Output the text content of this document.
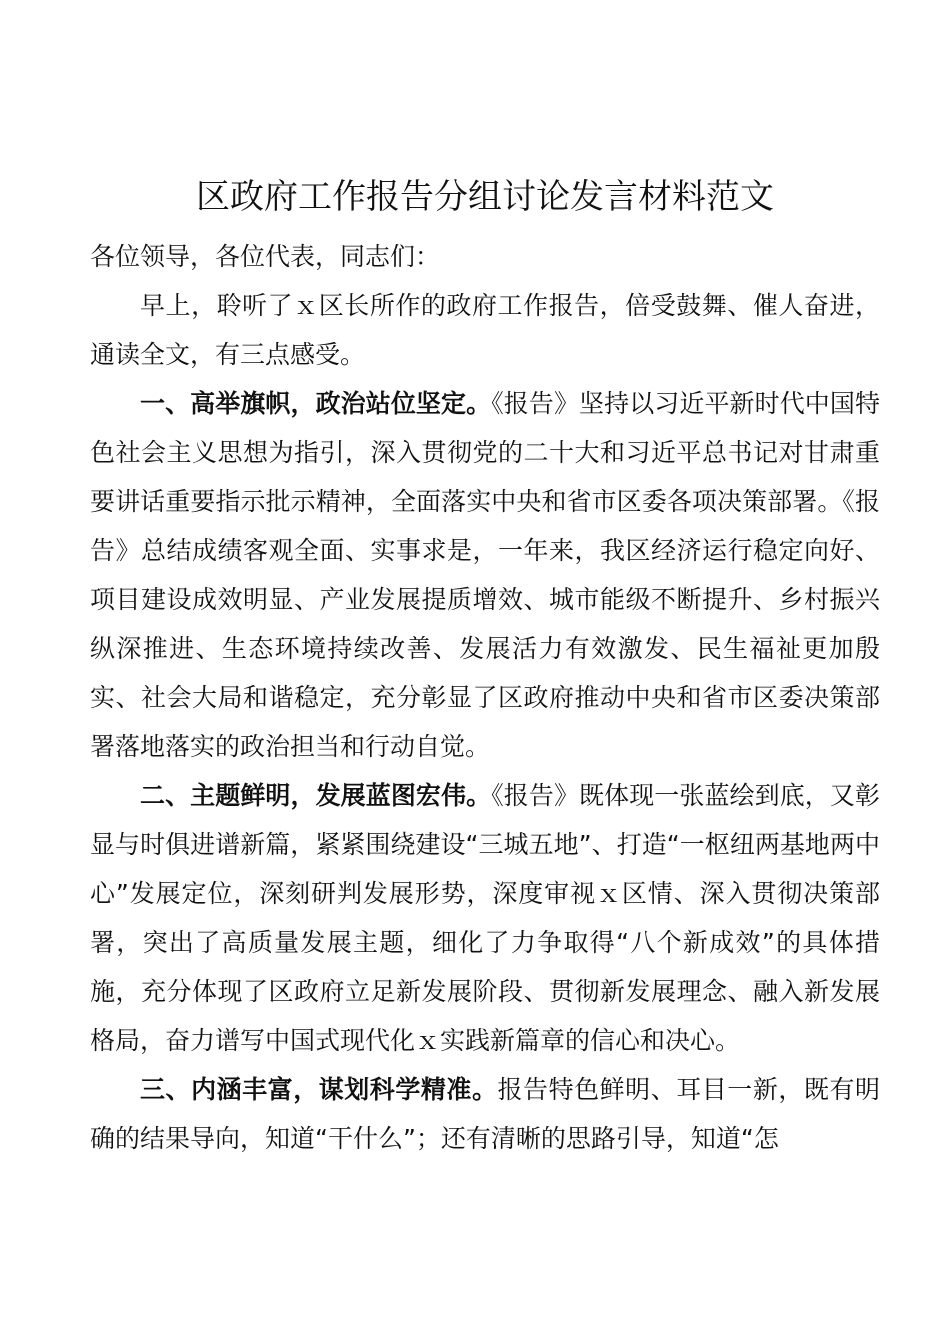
区政府工作报告分组讨论发言材料范文

各位领导，各位代表，同志们：

早上，聆听了ｘ区长所作的政府工作报告，倍受鼓舞、催人奋进，通读全文，有三点感受。

一、高举旗帜，政治站位坚定。《报告》坚持以习近平新时代中国特色社会主义思想为指引，深入贯彻党的二十大和习近平总书记对甘肃重要讲话重要指示批示精神，全面落实中央和省市区委各项决策部署。《报告》总结成绩客观全面、实事求是，一年来，我区经济运行稳定向好、项目建设成效明显、产业发展提质增效、城市能级不断提升、乡村振兴纵深推进、生态环境持续改善、发展活力有效激发、民生福祉更加殷实、社会大局和谐稳定，充分彰显了区政府推动中央和省市区委决策部署落地落实的政治担当和行动自觉。

二、主题鲜明，发展蓝图宏伟。《报告》既体现一张蓝绘到底，又彰显与时俱进谱新篇，紧紧围绕建设“三城五地”、打造“一枢纽两基地两中心”发展定位，深刻研判发展形势，深度审视ｘ区情、深入贯彻决策部署，突出了高质量发展主题，细化了力争取得“八个新成效”的具体措施，充分体现了区政府立足新发展阶段、贯彻新发展理念、融入新发展格局，奋力谱写中国式现代化ｘ实践新篇章的信心和决心。

三、内涵丰富，谋划科学精准。报告特色鲜明、耳目一新，既有明确的结果导向，知道“干什么”；还有清晰的思路引导，知道“怎
